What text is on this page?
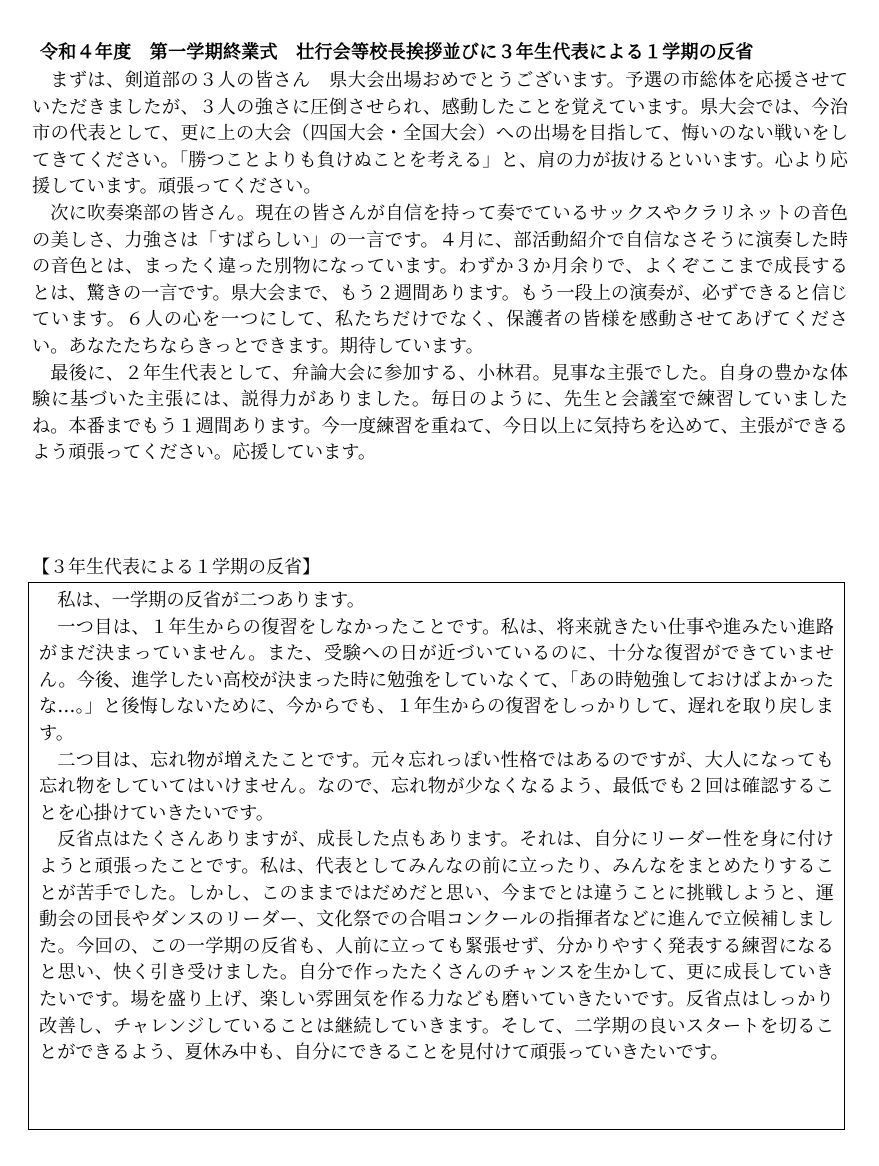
令和４年度　第一学期終業式　壮行会等校長挨拶並びに３年生代表による１学期の反省

まずは、剣道部の３人の皆さん　県大会出場おめでとうございます。予選の市総体を応援させていただきましたが、３人の強さに圧倒させられ、感動したことを覚えています。県大会では、今治市の代表として、更に上の大会（四国大会・全国大会）への出場を目指して、悔いのない戦いをしてきてください。「勝つことよりも負けぬことを考える」と、肩の力が抜けるといいます。心より応援しています。頑張ってください。

次に吹奏楽部の皆さん。現在の皆さんが自信を持って奏でているサックスやクラリネットの音色の美しさ、力強さは「すばらしい」の一言です。４月に、部活動紹介で自信なさそうに演奏した時の音色とは、まったく違った別物になっています。わずか３か月余りで、よくぞここまで成長するとは、驚きの一言です。県大会まで、もう２週間あります。もう一段上の演奏が、必ずできると信じています。６人の心を一つにして、私たちだけでなく、保護者の皆様を感動させてあげてください。あなたたちならきっとできます。期待しています。

最後に、２年生代表として、弁論大会に参加する、小林君。見事な主張でした。自身の豊かな体験に基づいた主張には、説得力がありました。毎日のように、先生と会議室で練習していましたね。本番までもう１週間あります。今一度練習を重ねて、今日以上に気持ちを込めて、主張ができるよう頑張ってください。応援しています。

【３年生代表による１学期の反省】

私は、一学期の反省が二つあります。

一つ目は、１年生からの復習をしなかったことです。私は、将来就きたい仕事や進みたい進路がまだ決まっていません。また、受験への日が近づいているのに、十分な復習ができていません。今後、進学したい高校が決まった時に勉強をしていなくて、「あの時勉強しておけばよかったな…。」と後悔しないために、今からでも、１年生からの復習をしっかりして、遅れを取り戻します。

二つ目は、忘れ物が増えたことです。元々忘れっぽい性格ではあるのですが、大人になっても忘れ物をしていてはいけません。なので、忘れ物が少なくなるよう、最低でも２回は確認することを心掛けていきたいです。

反省点はたくさんありますが、成長した点もあります。それは、自分にリーダー性を身に付けようと頑張ったことです。私は、代表としてみんなの前に立ったり、みんなをまとめたりすることが苦手でした。しかし、このままではだめだと思い、今までとは違うことに挑戦しようと、運動会の団長やダンスのリーダー、文化祭での合唱コンクールの指揮者などに進んで立候補しました。今回の、この一学期の反省も、人前に立っても緊張せず、分かりやすく発表する練習になると思い、快く引き受けました。自分で作ったたくさんのチャンスを生かして、更に成長していきたいです。場を盛り上げ、楽しい雰囲気を作る力なども磨いていきたいです。反省点はしっかり改善し、チャレンジしていることは継続していきます。そして、二学期の良いスタートを切ることができるよう、夏休み中も、自分にできることを見付けて頑張っていきたいです。
